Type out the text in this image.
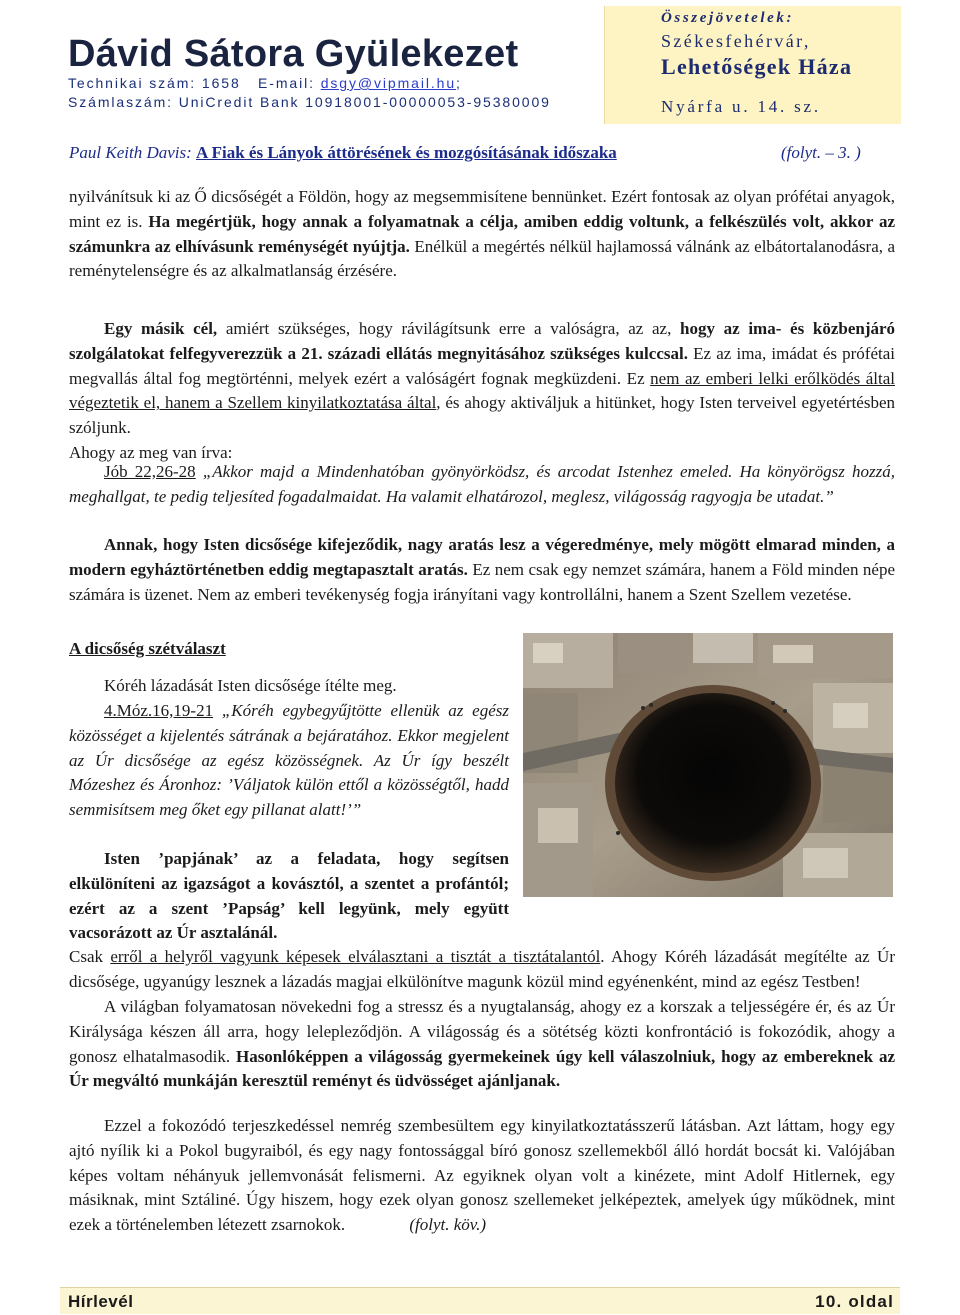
Dávid Sátora Gyülekezet
Technikai szám: 1658 E-mail: dsgy@vipmail.hu;
Számlaszám: UniCredit Bank 10918001-00000053-95380009
Összejövetelek:
Székesfehérvár,
Lehetőségek Háza
Nyárfa u. 14. sz.
Paul Keith Davis: A Fiak és Lányok áttörésének és mozgósításának időszaka	(folyt. – 3. )

nyilvánítsuk ki az Ő dicsőségét a Földön, hogy az megsemmisítene bennünket. Ezért fontosak az olyan prófétai anyagok, mint ez is. Ha megértjük, hogy annak a folyamatnak a célja, amiben eddig voltunk, a felkészülés volt, akkor az számunkra az elhívásunk reménységét nyújtja. Enélkül a megértés nélkül hajlamossá válnánk az elbátortalanodásra, a reménytelenségre és az alkalmatlanság érzésére.

Egy másik cél, amiért szükséges, hogy rávilágítsunk erre a valóságra, az az, hogy az ima- és közbenjáró szolgálatokat felfegyverezzük a 21. századi ellátás megnyitásához szükséges kulccsal. Ez az ima, imádat és prófétai megvallás által fog megtörténni, melyek ezért a valóságért fognak megküzdeni. Ez nem az emberi lelki erőlködés által végeztetik el, hanem a Szellem kinyilatkoztatása által, és ahogy aktiváljuk a hitünket, hogy Isten terveivel egyetértésben szóljunk.
Ahogy az meg van írva:

Jób 22,26-28 „Akkor majd a Mindenhatóban gyönyörködsz, és arcodat Istenhez emeled. Ha könyörögsz hozzá, meghallgat, te pedig teljesíted fogadalmaidat. Ha valamit elhatározol, meglesz, világosság ragyogja be utadat.”

Annak, hogy Isten dicsősége kifejeződik, nagy aratás lesz a végeredménye, mely mögött elmarad minden, a modern egyháztörténetben eddig megtapasztalt aratás. Ez nem csak egy nemzet számára, hanem a Föld minden népe számára is üzenet. Nem az emberi tevékenység fogja irányítani vagy kontrollálni, hanem a Szent Szellem vezetése.

A dicsőség szétválaszt

Kóréh lázadását Isten dicsősége ítélte meg.

4.Móz.16,19-21 „Kóréh egybegyűjtötte ellenük az egész közösséget a kijelentés sátrának a bejáratához. Ekkor megjelent az Úr dicsősége az egész közösségnek. Az Úr így beszélt Mózeshez és Áronhoz: ’Váljatok külön ettől a közösségtől, hadd semmisítsem meg őket egy pillanat alatt!’”

Isten ’papjának’ az a feladata, hogy segítsen elkülöníteni az igazságot a kovásztól, a szentet a profántól; ezért az a szent ’Papság’ kell legyünk, mely együtt vacsorázott az Úr asztalánál.

Csak erről a helyről vagyunk képesek elválasztani a tisztát a tisztátalantól. Ahogy Kóréh lázadását megítélte az Úr dicsősége, ugyanúgy lesznek a lázadás magjai elkülönítve magunk közül mind egyénenként, mind az egész Testben!

A világban folyamatosan növekedni fog a stressz és a nyugtalanság, ahogy ez a korszak a teljességére ér, és az Úr Királysága készen áll arra, hogy lelepleződjön. A világosság és a sötétség közti konfrontáció is fokozódik, ahogy a gonosz elhatalmasodik. Hasonlóképpen a világosság gyermekeinek úgy kell válaszolniuk, hogy az embereknek az Úr megváltó munkáján keresztül reményt és üdvösséget ajánljanak.

Ezzel a fokozódó terjeszkedéssel nemrég szembesültem egy kinyilatkoztatásszerű látásban. Azt láttam, hogy egy ajtó nyílik ki a Pokol bugyraiból, és egy nagy fontossággal bíró gonosz szellemekből álló hordát bocsát ki. Valójában képes voltam néhányuk jellemvonását felismerni. Az egyiknek olyan volt a kinézete, mint Adolf Hitlernek, egy másiknak, mint Sztáliné. Úgy hiszem, hogy ezek olyan gonosz szellemeket jelképeztek, amelyek úgy működnek, mint ezek a történelemben létezett zsarnokok.	(folyt. köv.)

Hírlevél	10. oldal
